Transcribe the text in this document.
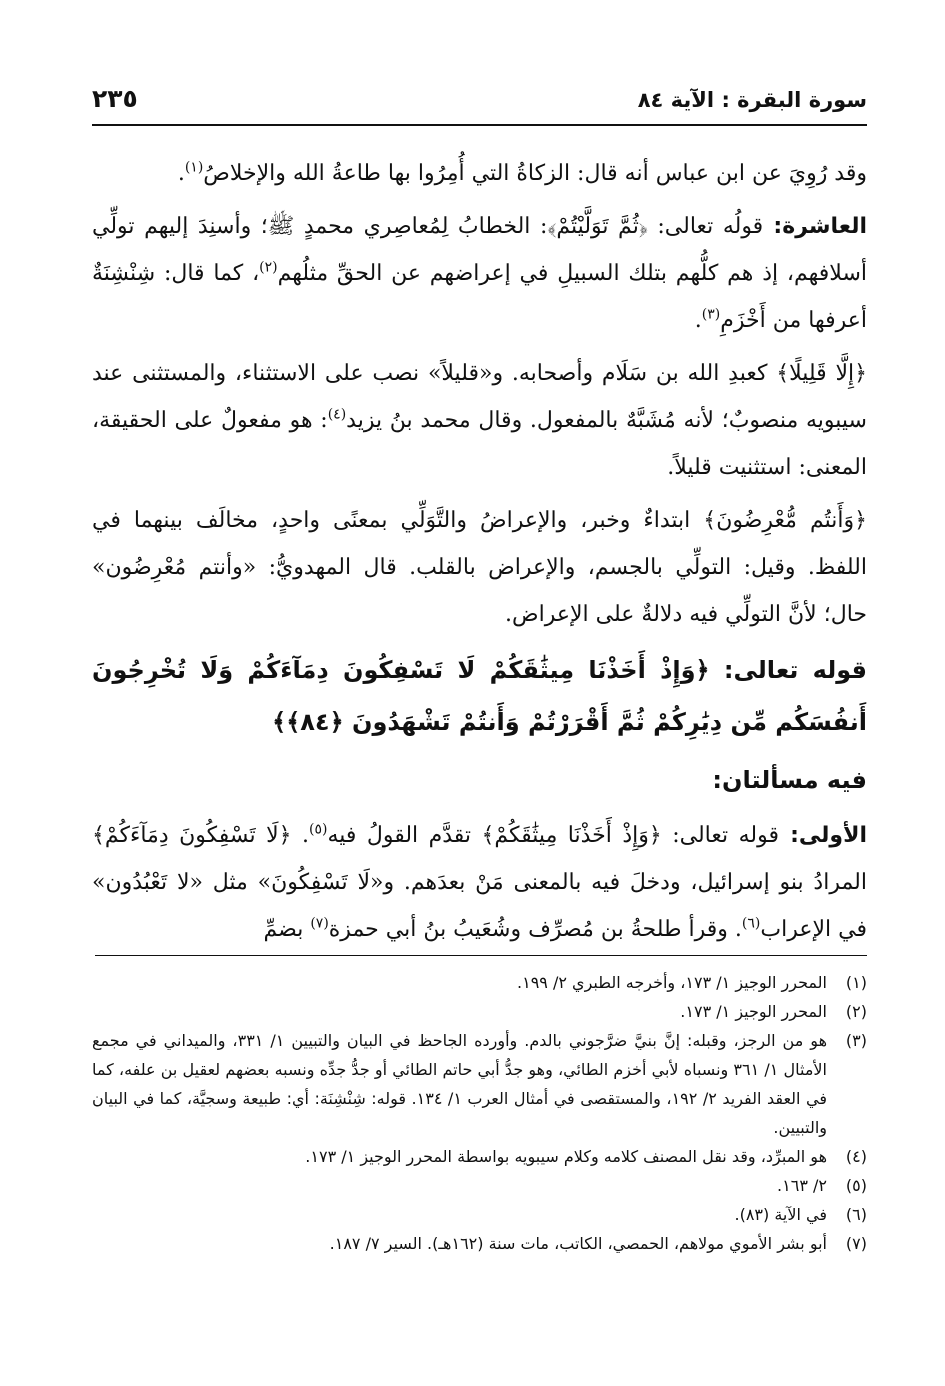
سورة البقرة : الآية ٨٤
٢٣٥

وقد رُوِيَ عن ابن عباس أنه قال: الزكاةُ التي أُمِرُوا بها طاعةُ الله والإخلاصُ$^{(١)}$.

العاشرة: قولُه تعالى: ﴿ثُمَّ تَوَلَّيْتُمْ﴾: الخطابُ لِمُعاصِري محمدٍ ﷺ؛ وأسنِدَ إليهم تولِّي أسلافهم، إذ هم كلُّهم بتلك السبيلِ في إعراضهم عن الحقِّ مثلُهم$^{(٢)}$، كما قال: شِنْشِنَةٌ أعرفها من أَخْزَمِ$^{(٣)}$.

﴿إِلَّا قَلِيلًا﴾ كعبدِ الله بن سَلَام وأصحابه. و«قليلاً» نصب على الاستثناء، والمستثنى عند سيبويه منصوبٌ؛ لأنه مُشَبَّهٌ بالمفعول. وقال محمد بنُ يزيد$^{(٤)}$: هو مفعولٌ على الحقيقة، المعنى: استثنيت قليلاً.

﴿وَأَنتُم مُّعْرِضُونَ﴾ ابتداءٌ وخبر، والإعراضُ والتَّوَلِّي بمعنًى واحدٍ، مخالَف بينهما في اللفظ. وقيل: التولِّي بالجسم، والإعراض بالقلب. قال المهدويُّ: «وأنتم مُعْرِضُون» حال؛ لأنَّ التولِّي فيه دلالةٌ على الإعراض.

قوله تعالى: ﴿وَإِذْ أَخَذْنَا مِيثَٰقَكُمْ لَا تَسْفِكُونَ دِمَآءَكُمْ وَلَا تُخْرِجُونَ أَنفُسَكُم مِّن دِيَٰرِكُمْ ثُمَّ أَقْرَرْتُمْ وَأَنتُمْ تَشْهَدُونَ ﴿٨٤﴾﴾

فيه مسألتان:

الأولى: قوله تعالى: ﴿وَإِذْ أَخَذْنَا مِيثَٰقَكُمْ﴾ تقدَّم القولُ فيه$^{(٥)}$. ﴿لَا تَسْفِكُونَ دِمَآءَكُمْ﴾ المرادُ بنو إسرائيل، ودخلَ فيه بالمعنى مَنْ بعدَهم. و«لَا تَسْفِكُونَ» مثل «لا تَعْبُدُون» في الإعراب$^{(٦)}$. وقرأ طلحةُ بن مُصرِّف وشُعَيبُ بنُ أبي حمزة$^{(٧)}$ بضمِّ

(١)
المحرر الوجيز ١/ ١٧٣، وأخرجه الطبري ٢/ ١٩٩.
(٢)
المحرر الوجيز ١/ ١٧٣.
(٣)
هو من الرجز، وقبله: إنَّ بنيَّ ضرَّجوني بالدم. وأورده الجاحظ في البيان والتبيين ١/ ٣٣١، والميداني في مجمع الأمثال ١/ ٣٦١ ونسباه لأبي أخزم الطائي، وهو جدُّ أبي حاتم الطائي أو جدُّ جدِّه ونسبه بعضهم لعقيل بن علفه، كما في العقد الفريد ٢/ ١٩٢، والمستقصى في أمثال العرب ١/ ١٣٤. قوله: شِنْشِنَة: أي: طبيعة وسجيَّة، كما في البيان والتبيين.
(٤)
هو المبرِّد، وقد نقل المصنف كلامه وكلام سيبويه بواسطة المحرر الوجيز ١/ ١٧٣.
(٥)
٢/ ١٦٣.
(٦)
في الآية (٨٣).
(٧)
أبو بشر الأموي مولاهم، الحمصي، الكاتب، مات سنة (١٦٢هـ). السير ٧/ ١٨٧.
